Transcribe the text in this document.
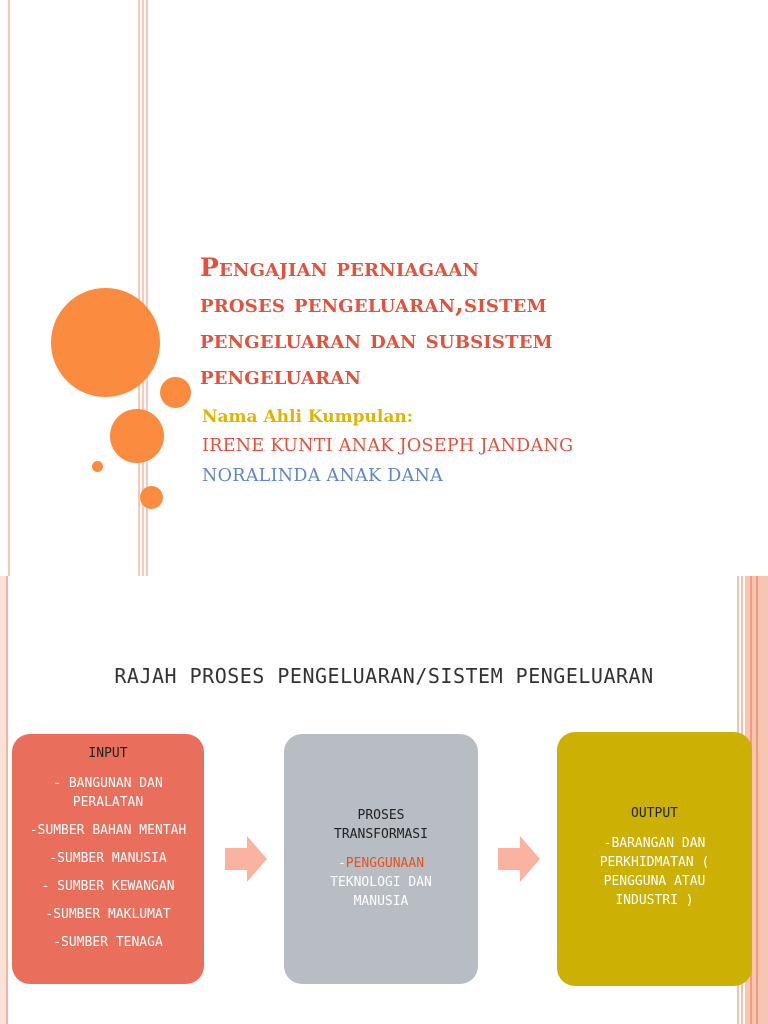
Pengajian perniagaan
proses pengeluaran,sistem
pengeluaran dan subsistem
pengeluaran
Nama Ahli Kumpulan:
IRENE KUNTI ANAK JOSEPH JANDANG
NORALINDA ANAK DANA
RAJAH PROSES PENGELUARAN/SISTEM PENGELUARAN
INPUT
- BANGUNAN DAN PERALATAN
-SUMBER BAHAN MENTAH
-SUMBER MANUSIA
- SUMBER KEWANGAN
-SUMBER MAKLUMAT
-SUMBER TENAGA
PROSES
TRANSFORMASI
-PENGGUNAAN
TEKNOLOGI DAN
MANUSIA
OUTPUT
-BARANGAN DAN
PERKHIDMATAN (
PENGGUNA ATAU
INDUSTRI )
